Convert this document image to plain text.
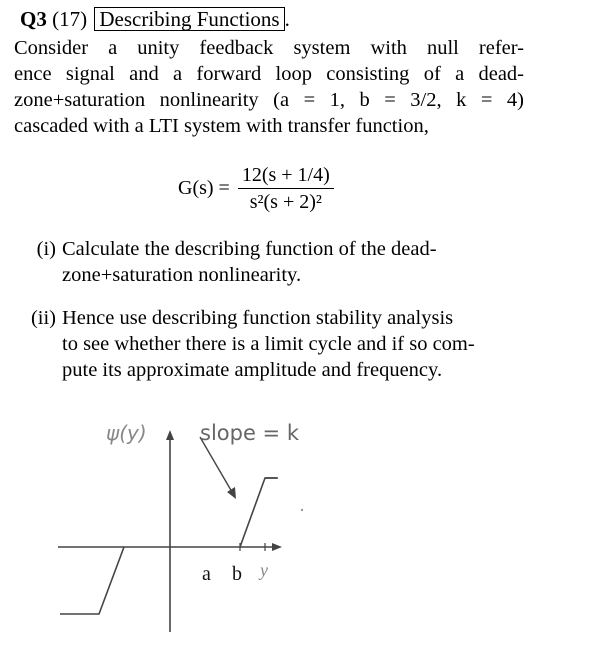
Q3 (17) Describing Functions .
Consider a unity feedback system with null refer-
ence signal and a forward loop consisting of a dead-
zone+saturation nonlinearity (a = 1, b = 3/2, k = 4)
cascaded with a LTI system with transfer function,
$G(s) = \frac{12(s + 1/4)}{\text{s²(s + 2)²}}$
(i) Calculate the describing function of the dead-
zone+saturation nonlinearity.
(ii) Hence use describing function stability analysis
to see whether there is a limit cycle and if so com-
pute its approximate amplitude and frequency.
ψ(y)	slope = k
a b y
